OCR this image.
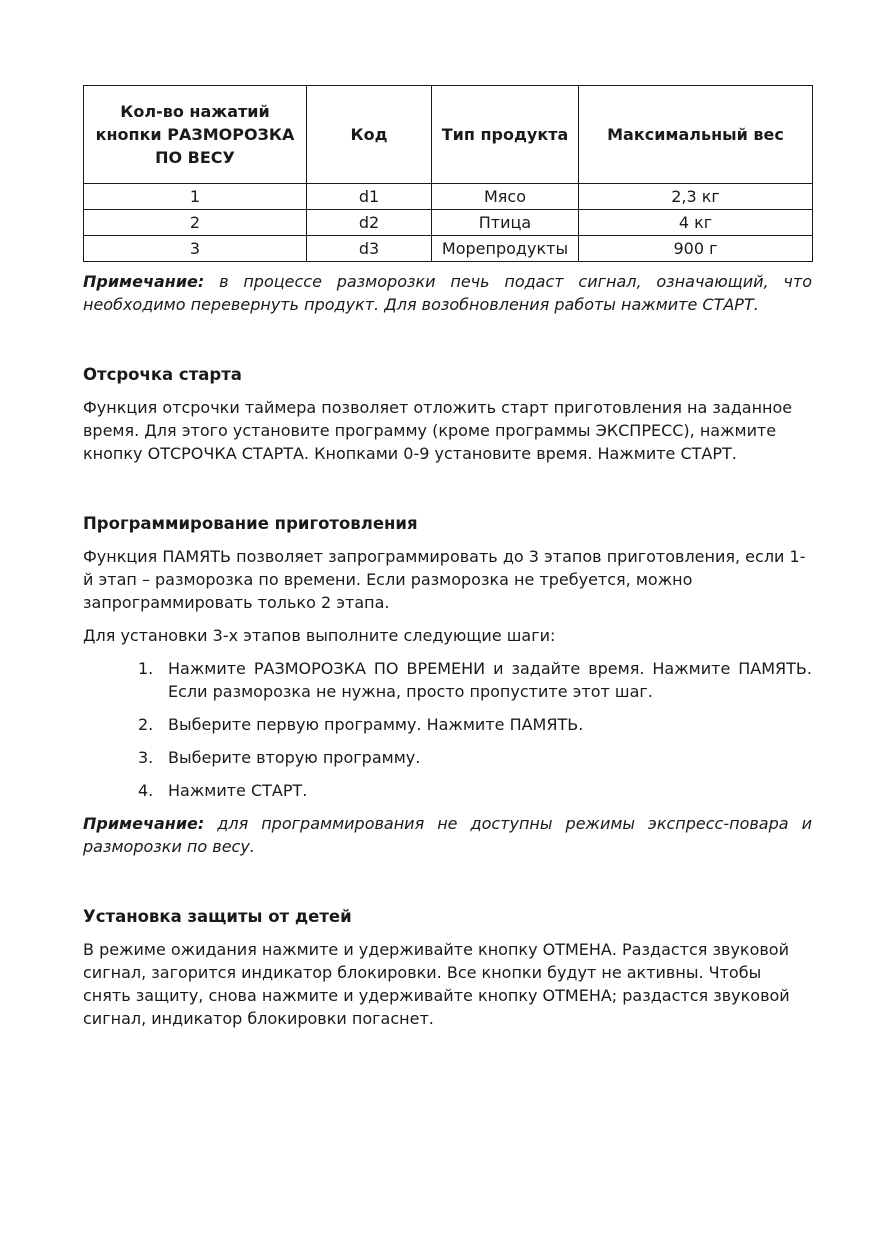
Кол-во нажатий кнопки РАЗМОРОЗКА ПО ВЕСУ	Код	Тип продукта	Максимальный вес
1	d1	Мясо	2,3 кг
2	d2	Птица	4 кг
3	d3	Морепродукты	900 г

Примечание: в процессе разморозки печь подаст сигнал, означающий, что необходимо перевернуть продукт. Для возобновления работы нажмите СТАРТ.

Отсрочка старта

Функция отсрочки таймера позволяет отложить старт приготовления на заданное время. Для этого установите программу (кроме программы ЭКСПРЕСС), нажмите кнопку ОТСРОЧКА СТАРТА. Кнопками 0-9 установите время. Нажмите СТАРТ.

Программирование приготовления

Функция ПАМЯТЬ позволяет запрограммировать до 3 этапов приготовления, если 1-й этап – разморозка по времени. Если разморозка не требуется, можно запрограммировать только 2 этапа.

Для установки 3-х этапов выполните следующие шаги:

1. Нажмите РАЗМОРОЗКА ПО ВРЕМЕНИ и задайте время. Нажмите ПАМЯТЬ. Если разморозка не нужна, просто пропустите этот шаг.
2. Выберите первую программу. Нажмите ПАМЯТЬ.
3. Выберите вторую программу.
4. Нажмите СТАРТ.

Примечание: для программирования не доступны режимы экспресс-повара и разморозки по весу.

Установка защиты от детей

В режиме ожидания нажмите и удерживайте кнопку ОТМЕНА. Раздастся звуковой сигнал, загорится индикатор блокировки. Все кнопки будут не активны. Чтобы снять защиту, снова нажмите и удерживайте кнопку ОТМЕНА; раздастся звуковой сигнал, индикатор блокировки погаснет.
